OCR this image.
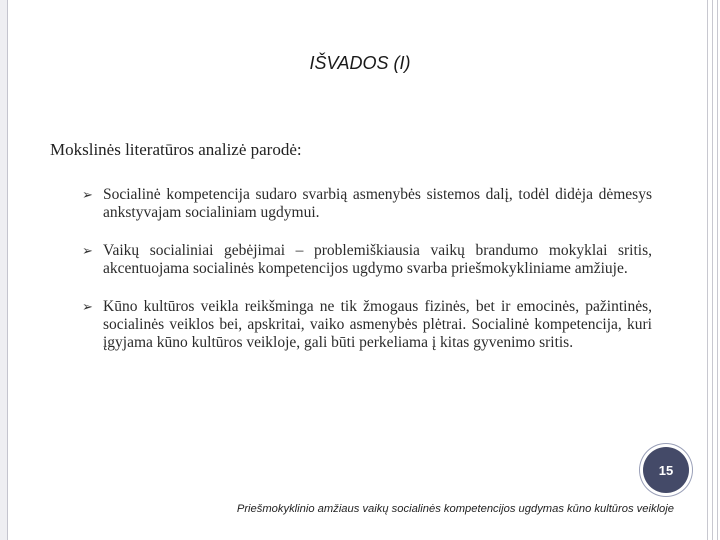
IŠVADOS (I)
Mokslinės literatūros analizė parodė:
➢ Socialinė kompetencija sudaro svarbią asmenybės sistemos dalį, todėl didėja dėmesys ankstyvajam socialiniam ugdymui.
➢ Vaikų socialiniai gebėjimai – problemiškiausia vaikų brandumo mokyklai sritis, akcentuojama socialinės kompetencijos ugdymo svarba priešmokykliniame amžiuje.
➢ Kūno kultūros veikla reikšminga ne tik žmogaus fizinės, bet ir emocinės, pažintinės, socialinės veiklos bei, apskritai, vaiko asmenybės plėtrai. Socialinė kompetencija, kuri įgyjama kūno kultūros veikloje, gali būti perkeliama į kitas gyvenimo sritis.
15
Priešmokyklinio amžiaus vaikų socialinės kompetencijos ugdymas kūno kultūros veikloje
